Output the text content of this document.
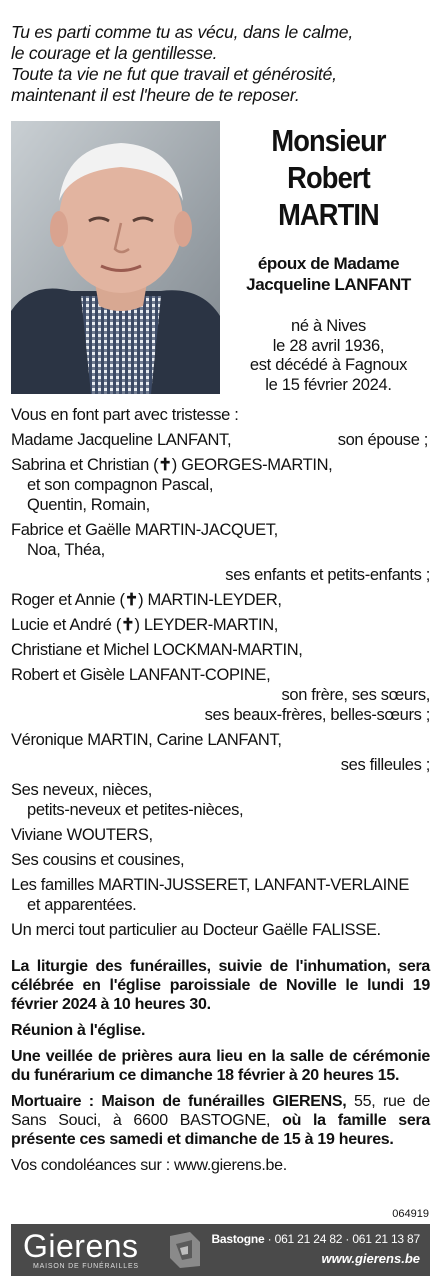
Tu es parti comme tu as vécu, dans le calme,
le courage et la gentillesse.
Toute ta vie ne fut que travail et générosité,
maintenant il est l'heure de te reposer.
Monsieur
Robert
MARTIN
époux de Madame
Jacqueline LANFANT
né à Nives
le 28 avril 1936,
est décédé à Fagnoux
le 15 février 2024.
Vous en font part avec tristesse :
Madame Jacqueline LANFANT,	son épouse ;
Sabrina et Christian (✝) GEORGES-MARTIN,
et son compagnon Pascal,
Quentin, Romain,
Fabrice et Gaëlle MARTIN-JACQUET,
Noa, Théa,
ses enfants et petits-enfants ;
Roger et Annie (✝) MARTIN-LEYDER,
Lucie et André (✝) LEYDER-MARTIN,
Christiane et Michel LOCKMAN-MARTIN,
Robert et Gisèle LANFANT-COPINE,
son frère, ses sœurs,
ses beaux-frères, belles-sœurs ;
Véronique MARTIN, Carine LANFANT,
ses filleules ;
Ses neveux, nièces,
petits-neveux et petites-nièces,
Viviane WOUTERS,
Ses cousins et cousines,
Les familles MARTIN-JUSSERET, LANFANT-VERLAINE
et apparentées.
Un merci tout particulier au Docteur Gaëlle FALISSE.

La liturgie des funérailles, suivie de l'inhumation, sera célébrée en l'église paroissiale de Noville le lundi 19 février 2024 à 10 heures 30.

Réunion à l'église.

Une veillée de prières aura lieu en la salle de cérémonie du funérarium ce dimanche 18 février à 20 heures 15.

Mortuaire : Maison de funérailles GIERENS, 55, rue de Sans Souci, à 6600 BASTOGNE, où la famille sera présente ces samedi et dimanche de 15 à 19 heures.

Vos condoléances sur : www.gierens.be.

064919
Gierens
MAISON DE FUNÉRAILLES
Bastogne · 061 21 24 82 · 061 21 13 87
www.gierens.be
